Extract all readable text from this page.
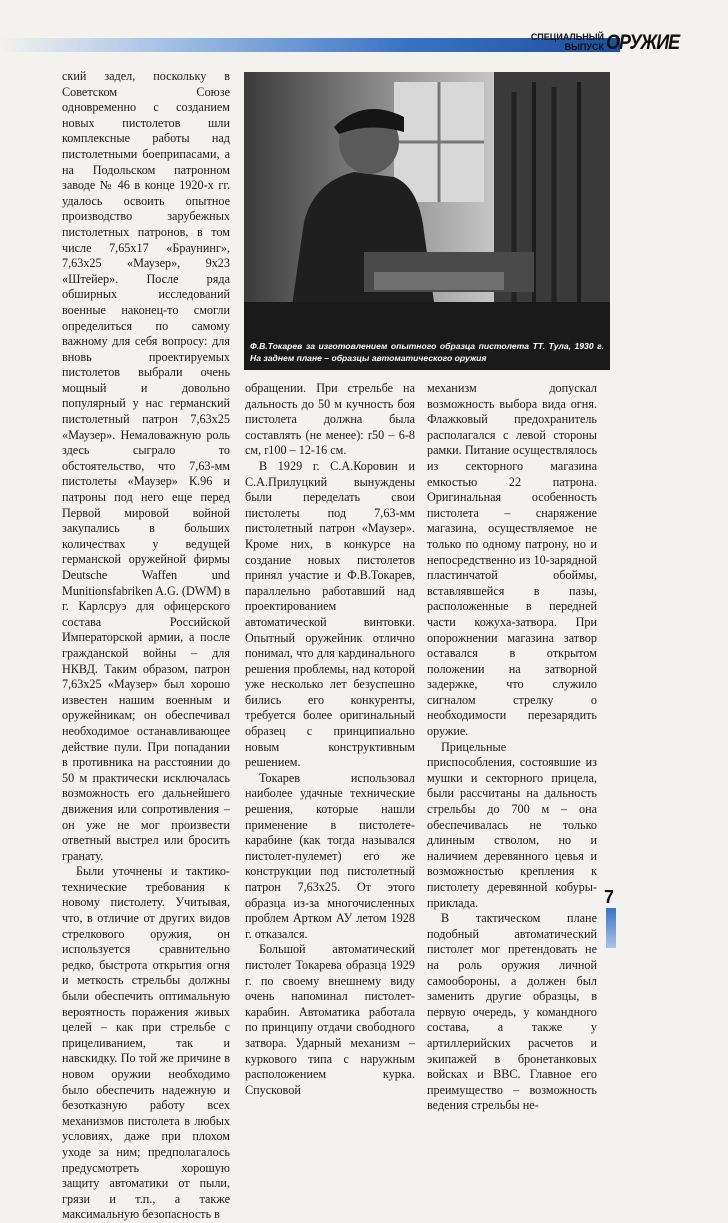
СПЕЦИАЛЬНЫЙ
ВЫПУСК ОРУЖИЕ

ский задел, поскольку в Советском Союзе одновременно с созданием новых пистолетов шли комплексные работы над пистолетными боеприпасами, а на Подольском патронном заводе № 46 в конце 1920-х гг. удалось освоить опытное производство зарубежных пистолетных патронов, в том числе 7,65х17 «Браунинг», 7,63х25 «Маузер», 9х23 «Штейер». После ряда обширных исследований военные наконец-то смогли определиться по самому важному для себя вопросу: для вновь проектируемых пистолетов выбрали очень мощный и довольно популярный у нас германский пистолетный патрон 7,63х25 «Маузер». Немаловажную роль здесь сыграло то обстоятельство, что 7,63-мм пистолеты «Маузер» К.96 и патроны под него еще перед Первой мировой войной закупались в больших количествах у ведущей германской оружейной фирмы Deutsche Waffen und Munitionsfabriken A.G. (DWM) в г. Карлсруэ для офицерского состава Российской Императорской армии, а после гражданской войны – для НКВД. Таким образом, патрон 7,63х25 «Маузер» был хорошо известен нашим военным и оружейникам; он обеспечивал необходимое останавливающее действие пули. При попадании в противника на расстоянии до 50 м практически исключалась возможность его дальнейшего движения или сопротивления – он уже не мог произвести ответный выстрел или бросить гранату.

Были уточнены и тактико-технические требования к новому пистолету. Учитывая, что, в отличие от других видов стрелкового оружия, он используется сравнительно редко, быстрота открытия огня и меткость стрельбы должны были обеспечить оптимальную вероятность поражения живых целей – как при стрельбе с прицеливанием, так и навскидку. По той же причине в новом оружии необходимо было обеспечить надежную и безотказную работу всех механизмов пистолета в любых условиях, даже при плохом уходе за ним; предполагалось предусмотреть хорошую защиту автоматики от пыли, грязи и т.п., а также максимальную безопасность в

Ф.В.Токарев за изготовлением опытного образца пистолета ТТ. Тула, 1930 г. На заднем плане – образцы автоматического оружия

обращении. При стрельбе на дальность до 50 м кучность боя пистолета должна была составлять (не менее): r50 – 6-8 см, r100 – 12-16 см.

В 1929 г. С.А.Коровин и С.А.Прилуцкий вынуждены были переделать свои пистолеты под 7,63-мм пистолетный патрон «Маузер». Кроме них, в конкурсе на создание новых пистолетов принял участие и Ф.В.Токарев, параллельно работавший над проектированием автоматической винтовки. Опытный оружейник отлично понимал, что для кардинального решения проблемы, над которой уже несколько лет безуспешно бились его конкуренты, требуется более оригинальный образец с принципиально новым конструктивным решением.

Токарев использовал наиболее удачные технические решения, которые нашли применение в пистолете-карабине (как тогда назывался пистолет-пулемет) его же конструкции под пистолетный патрон 7,63х25. От этого образца из-за многочисленных проблем Артком АУ летом 1928 г. отказался.

Большой автоматический пистолет Токарева образца 1929 г. по своему внешнему виду очень напоминал пистолет-карабин. Автоматика работала по принципу отдачи свободного затвора. Ударный механизм – куркового типа с наружным расположением курка. Спусковой

механизм допускал возможность выбора вида огня. Флажковый предохранитель располагался с левой стороны рамки. Питание осуществлялось из секторного магазина емкостью 22 патрона. Оригинальная особенность пистолета – снаряжение магазина, осуществляемое не только по одному патрону, но и непосредственно из 10-зарядной пластинчатой обоймы, вставлявшейся в пазы, расположенные в передней части кожуха-затвора. При опорожнении магазина затвор оставался в открытом положении на затворной задержке, что служило сигналом стрелку о необходимости перезарядить оружие.

Прицельные приспособления, состоявшие из мушки и секторного прицела, были рассчитаны на дальность стрельбы до 700 м – она обеспечивалась не только длинным стволом, но и наличием деревянного цевья и возможностью крепления к пистолету деревянной кобуры-приклада.

В тактическом плане подобный автоматический пистолет мог претендовать не на роль оружия личной самообороны, а должен был заменить другие образцы, в первую очередь, у командного состава, а также у артиллерийских расчетов и экипажей в бронетанковых войсках и ВВС. Главное его преимущество – возможность ведения стрельбы не-

7
